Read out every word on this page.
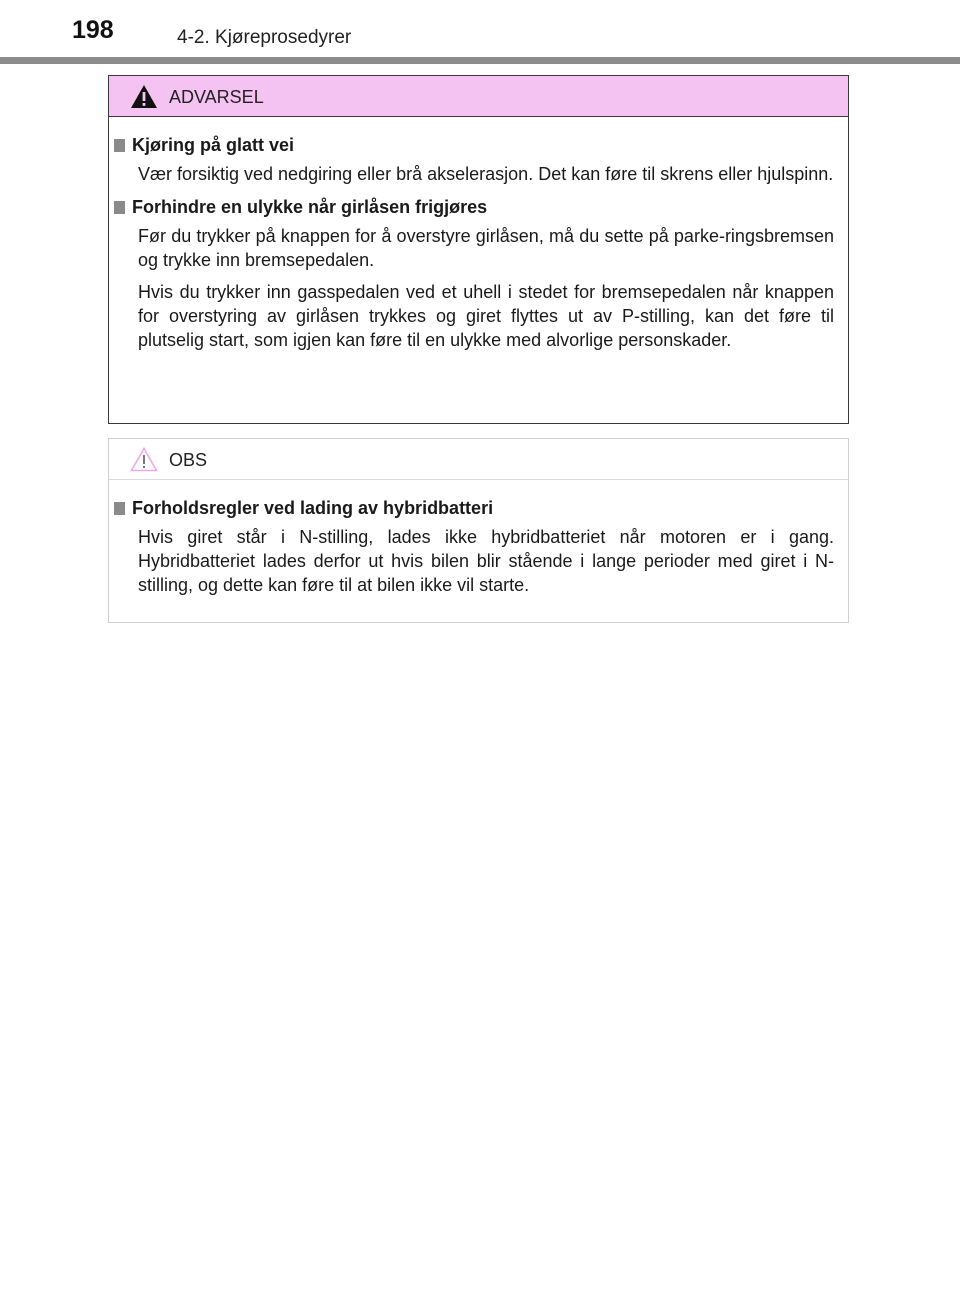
198	4-2. Kjøreprosedyrer
ADVARSEL
Kjøring på glatt vei

Vær forsiktig ved nedgiring eller brå akselerasjon. Det kan føre til skrens eller hjulspinn.

Forhindre en ulykke når girlåsen frigjøres

Før du trykker på knappen for å overstyre girlåsen, må du sette på parke-ringsbremsen og trykke inn bremsepedalen.

Hvis du trykker inn gasspedalen ved et uhell i stedet for bremsepedalen når knappen for overstyring av girlåsen trykkes og giret flyttes ut av P-stilling, kan det føre til plutselig start, som igjen kan føre til en ulykke med alvorlige personskader.

OBS
Forholdsregler ved lading av hybridbatteri

Hvis giret står i N-stilling, lades ikke hybridbatteriet når motoren er i gang. Hybridbatteriet lades derfor ut hvis bilen blir stående i lange perioder med giret i N-stilling, og dette kan føre til at bilen ikke vil starte.
